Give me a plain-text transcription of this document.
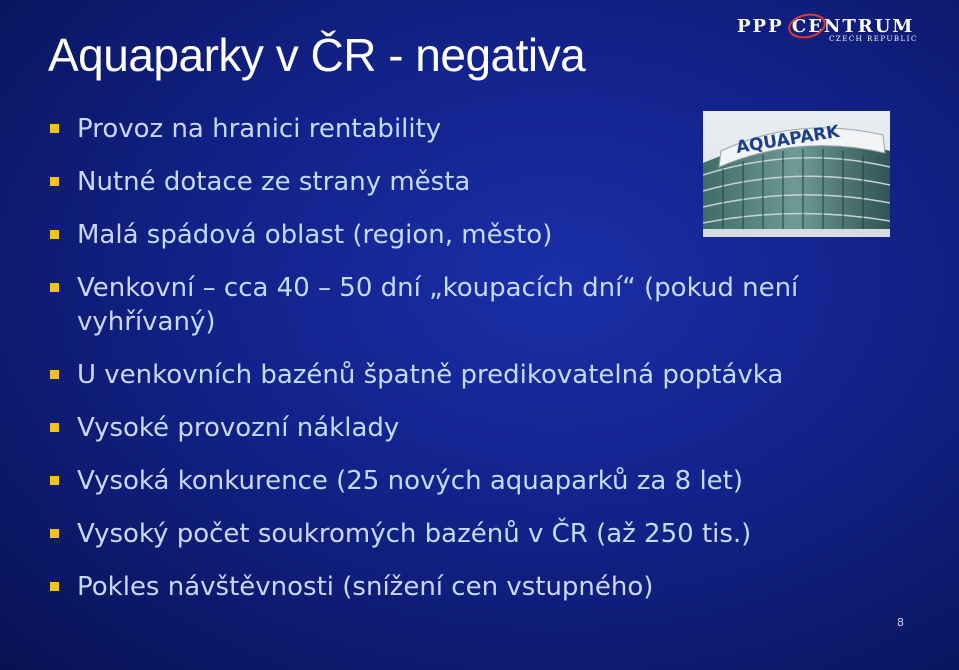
Aquaparky v ČR - negativa
PPP CENTRUM
CZECH REPUBLIC
AQUAPARK
Provoz na hranici rentability
Nutné dotace ze strany města
Malá spádová oblast (region, město)
Venkovní – cca 40 – 50 dní „koupacích dní“ (pokud není vyhřívaný)
U venkovních bazénů špatně predikovatelná poptávka
Vysoké provozní náklady
Vysoká konkurence (25 nových aquaparků za 8 let)
Vysoký počet soukromých bazénů v ČR (až 250 tis.)
Pokles návštěvnosti (snížení cen vstupného)
8
